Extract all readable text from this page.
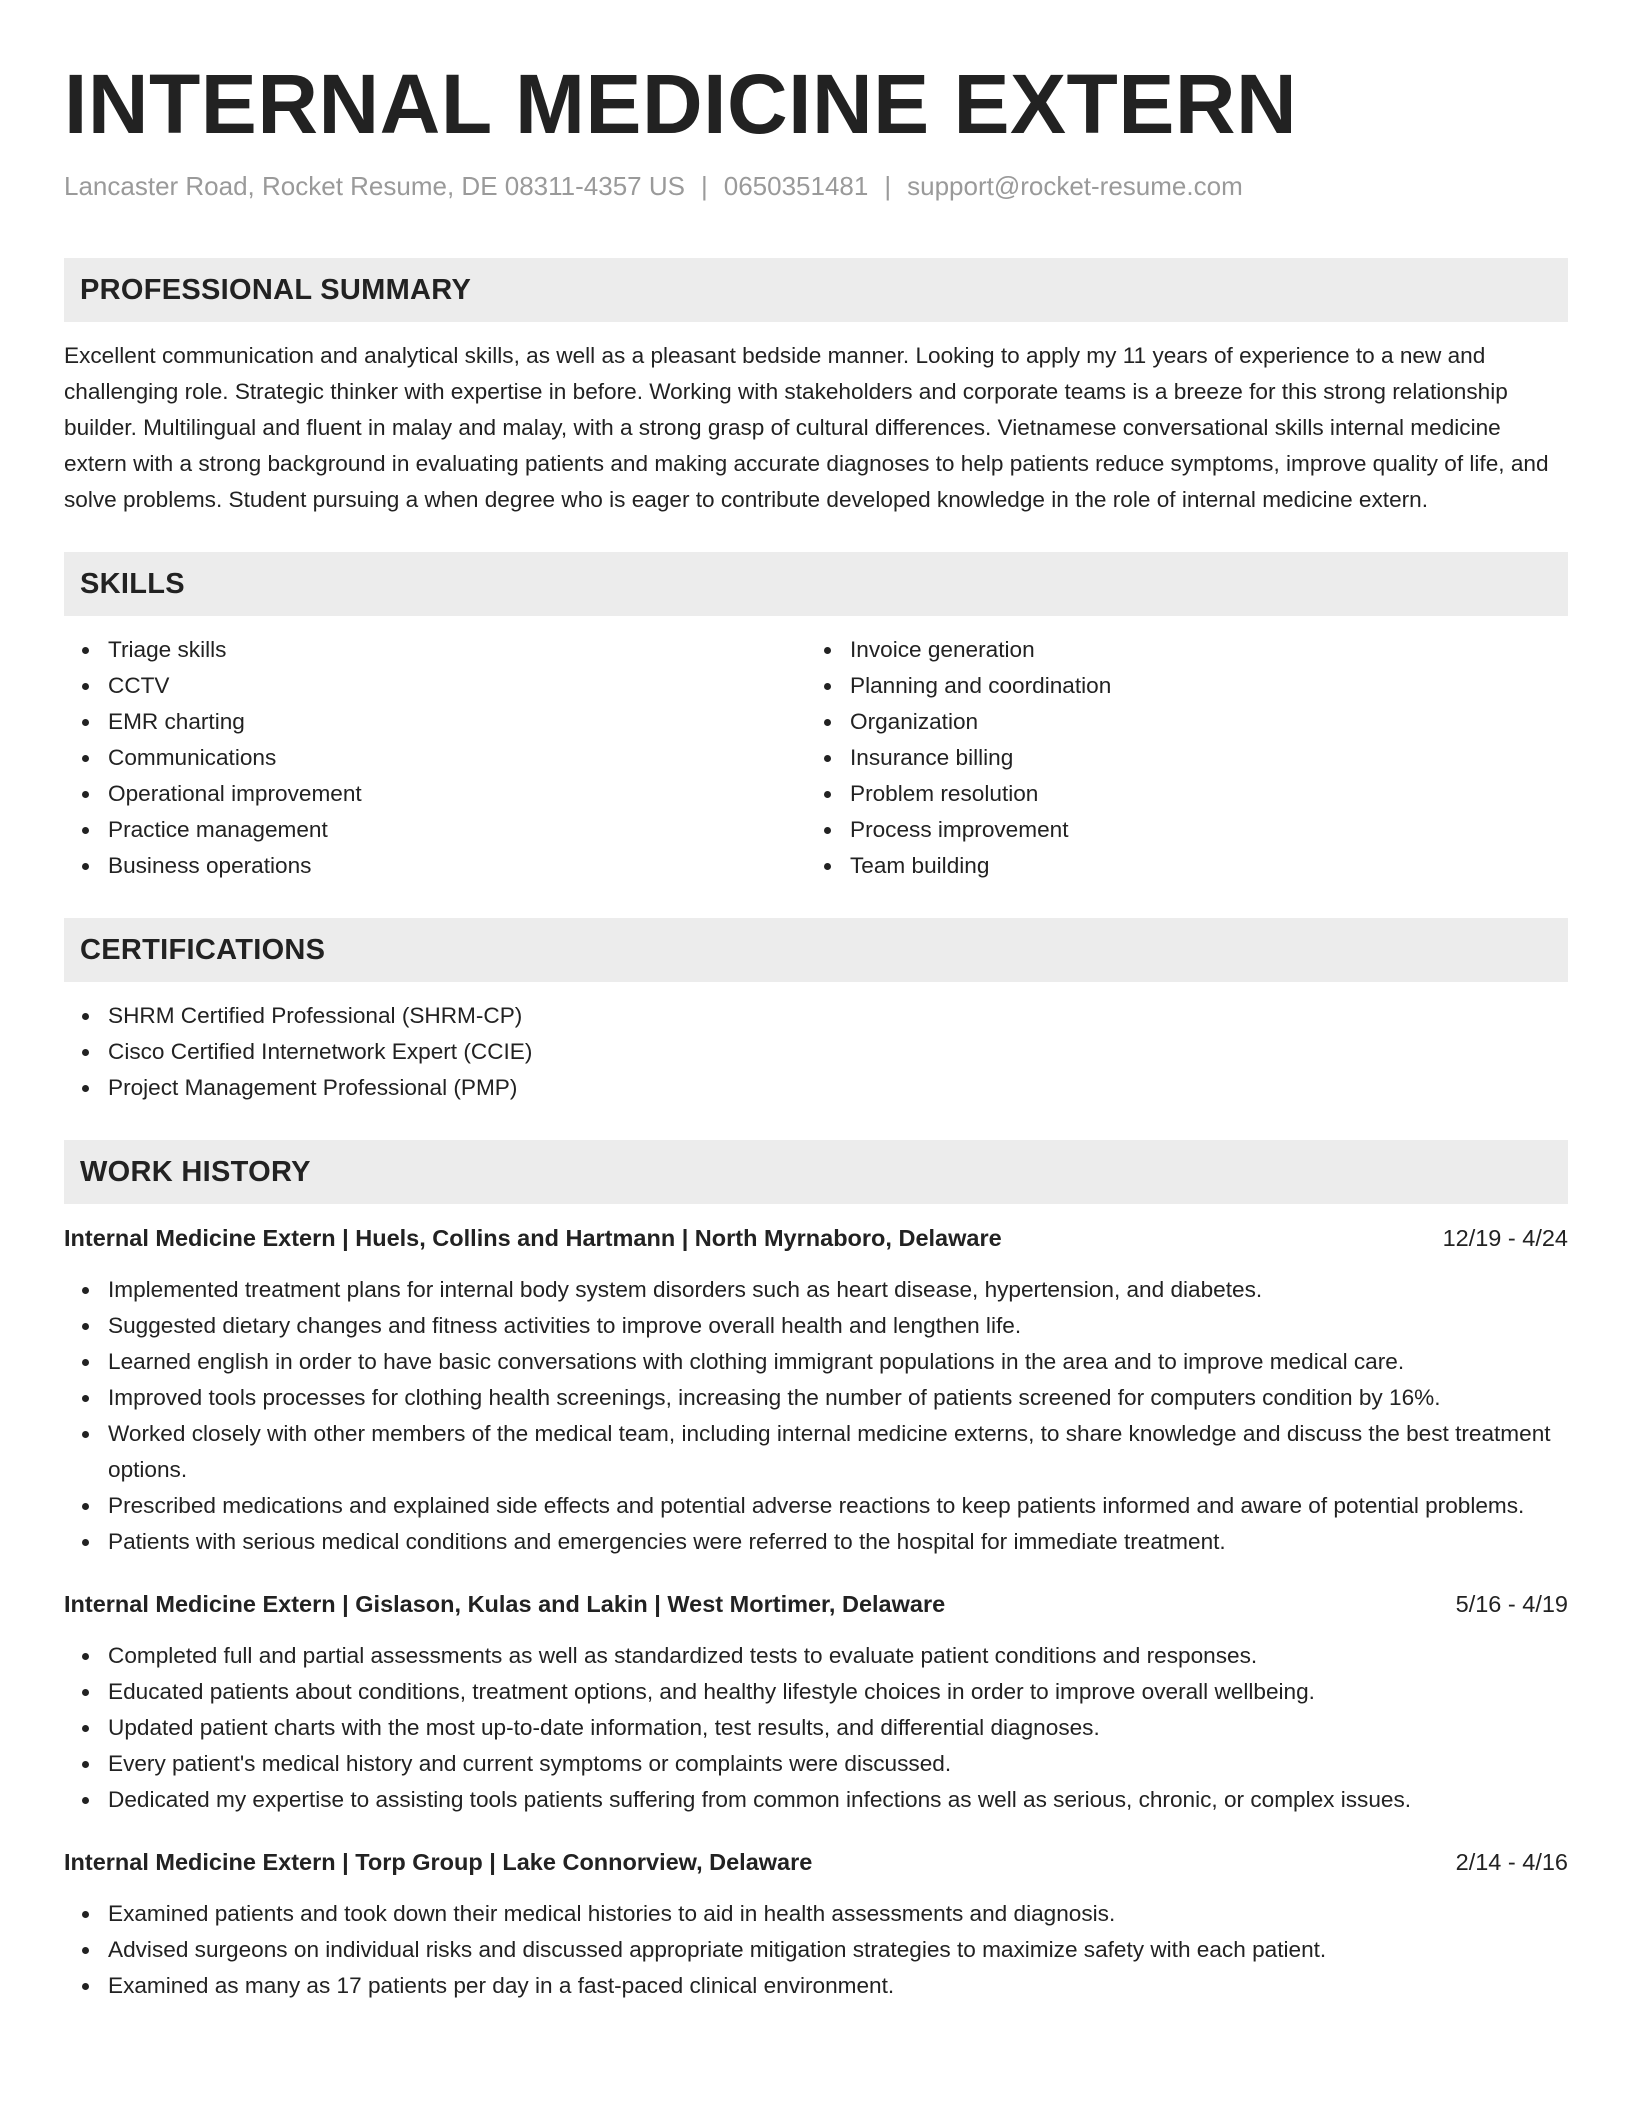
INTERNAL MEDICINE EXTERN
Lancaster Road, Rocket Resume, DE 08311-4357 US | 0650351481 | support@rocket-resume.com
PROFESSIONAL SUMMARY
Excellent communication and analytical skills, as well as a pleasant bedside manner. Looking to apply my 11 years of experience to a new and challenging role. Strategic thinker with expertise in before. Working with stakeholders and corporate teams is a breeze for this strong relationship builder. Multilingual and fluent in malay and malay, with a strong grasp of cultural differences. Vietnamese conversational skills internal medicine extern with a strong background in evaluating patients and making accurate diagnoses to help patients reduce symptoms, improve quality of life, and solve problems. Student pursuing a when degree who is eager to contribute developed knowledge in the role of internal medicine extern.
SKILLS
Triage skills
CCTV
EMR charting
Communications
Operational improvement
Practice management
Business operations
Invoice generation
Planning and coordination
Organization
Insurance billing
Problem resolution
Process improvement
Team building
CERTIFICATIONS
SHRM Certified Professional (SHRM-CP)
Cisco Certified Internetwork Expert (CCIE)
Project Management Professional (PMP)
WORK HISTORY
Internal Medicine Extern | Huels, Collins and Hartmann | North Myrnaboro, Delaware	12/19 - 4/24
Implemented treatment plans for internal body system disorders such as heart disease, hypertension, and diabetes.
Suggested dietary changes and fitness activities to improve overall health and lengthen life.
Learned english in order to have basic conversations with clothing immigrant populations in the area and to improve medical care.
Improved tools processes for clothing health screenings, increasing the number of patients screened for computers condition by 16%.
Worked closely with other members of the medical team, including internal medicine externs, to share knowledge and discuss the best treatment options.
Prescribed medications and explained side effects and potential adverse reactions to keep patients informed and aware of potential problems.
Patients with serious medical conditions and emergencies were referred to the hospital for immediate treatment.
Internal Medicine Extern | Gislason, Kulas and Lakin | West Mortimer, Delaware	5/16 - 4/19
Completed full and partial assessments as well as standardized tests to evaluate patient conditions and responses.
Educated patients about conditions, treatment options, and healthy lifestyle choices in order to improve overall wellbeing.
Updated patient charts with the most up-to-date information, test results, and differential diagnoses.
Every patient's medical history and current symptoms or complaints were discussed.
Dedicated my expertise to assisting tools patients suffering from common infections as well as serious, chronic, or complex issues.
Internal Medicine Extern | Torp Group | Lake Connorview, Delaware	2/14 - 4/16
Examined patients and took down their medical histories to aid in health assessments and diagnosis.
Advised surgeons on individual risks and discussed appropriate mitigation strategies to maximize safety with each patient.
Examined as many as 17 patients per day in a fast-paced clinical environment.
